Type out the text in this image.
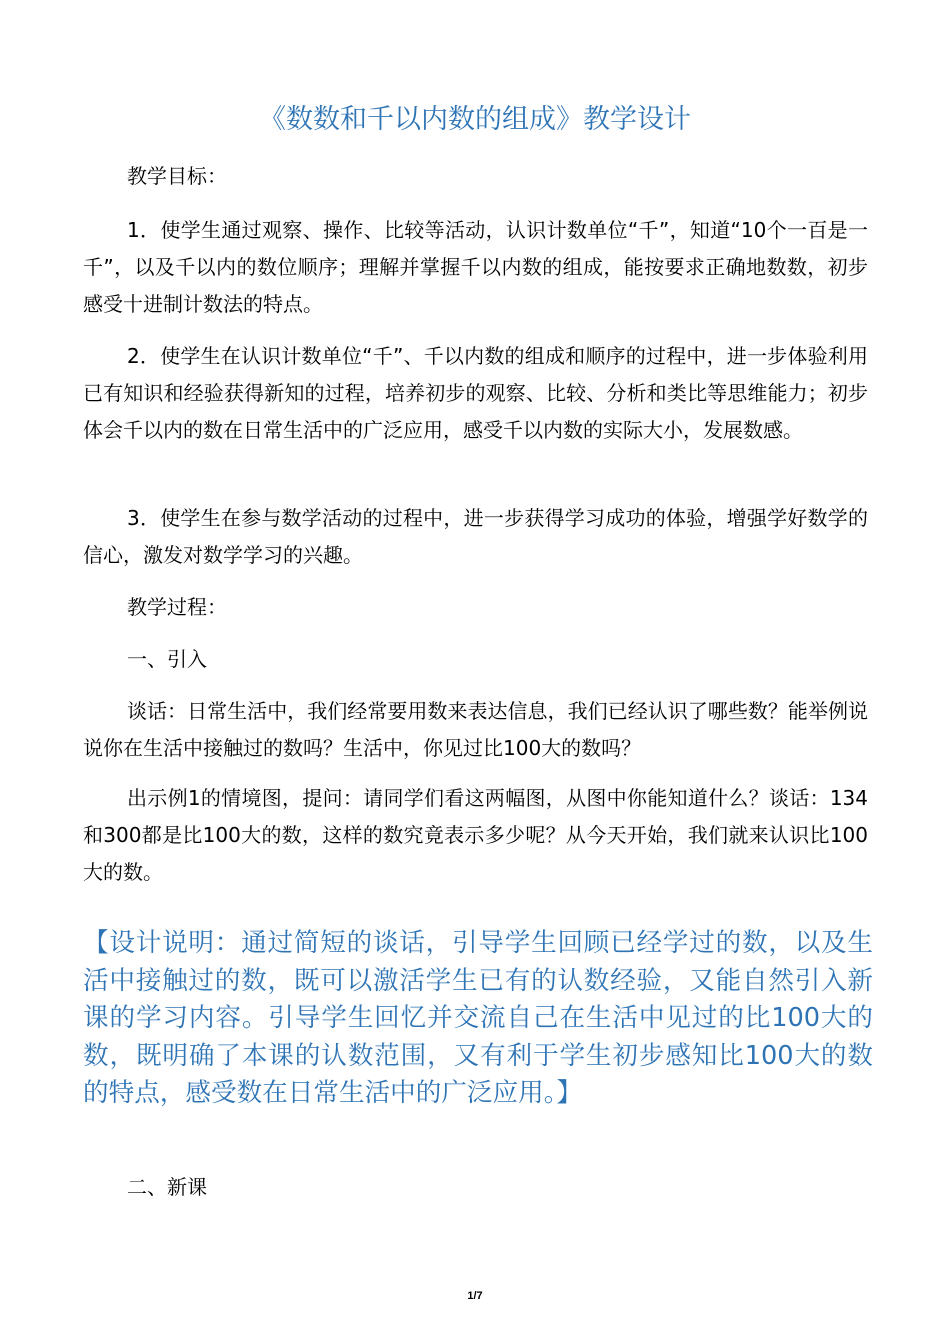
《数数和千以内数的组成》教学设计
教学目标：
1．使学生通过观察、操作、比较等活动，认识计数单位“千”，知道“10个一百是一千”，以及千以内的数位顺序；理解并掌握千以内数的组成，能按要求正确地数数，初步感受十进制计数法的特点。
2．使学生在认识计数单位“千”、千以内数的组成和顺序的过程中，进一步体验利用已有知识和经验获得新知的过程，培养初步的观察、比较、分析和类比等思维能力；初步体会千以内的数在日常生活中的广泛应用，感受千以内数的实际大小，发展数感。
3．使学生在参与数学活动的过程中，进一步获得学习成功的体验，增强学好数学的信心，激发对数学学习的兴趣。
教学过程：
一、引入
谈话：日常生活中，我们经常要用数来表达信息，我们已经认识了哪些数？能举例说说你在生活中接触过的数吗？生活中，你见过比100大的数吗？
出示例1的情境图，提问：请同学们看这两幅图，从图中你能知道什么？谈话：134和300都是比100大的数，这样的数究竟表示多少呢？从今天开始，我们就来认识比100大的数。
【设计说明：通过简短的谈话，引导学生回顾已经学过的数，以及生活中接触过的数，既可以激活学生已有的认数经验，又能自然引入新课的学习内容。引导学生回忆并交流自己在生活中见过的比100大的数，既明确了本课的认数范围，又有利于学生初步感知比100大的数的特点，感受数在日常生活中的广泛应用。】
二、新课
1/7
